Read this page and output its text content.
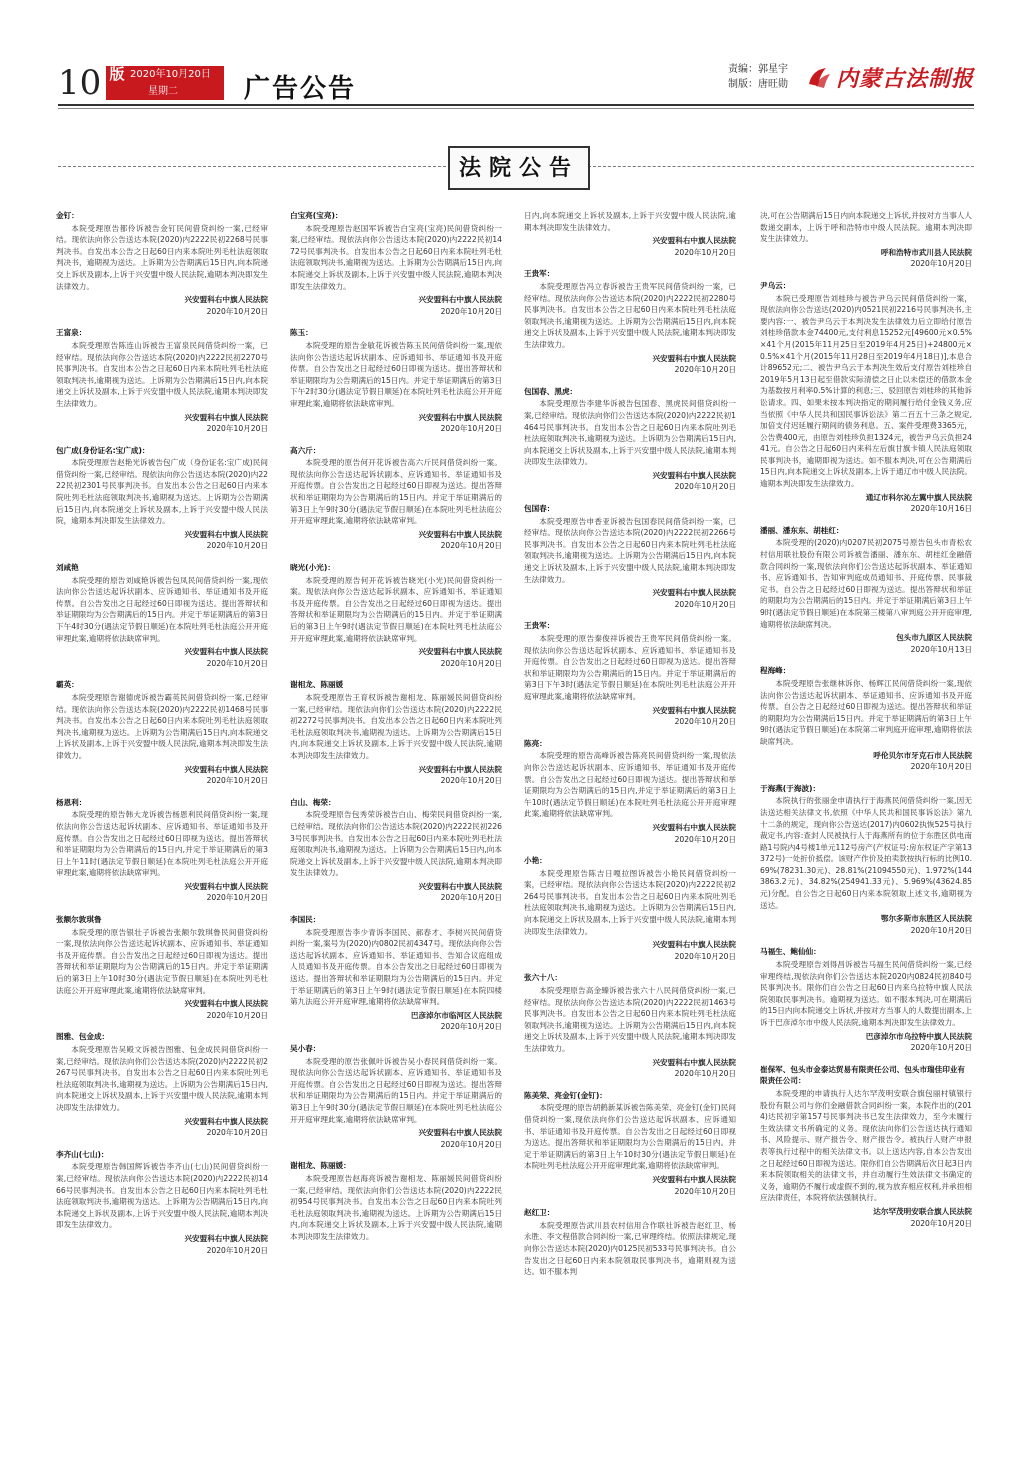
10 版 2020年10月20日
星期二	广告公告
责编：郭星宇
制版：唐旺勋 内蒙古法制报
法院公告
金钉：
本院受理原告都伶诉被告金钉民间借贷纠纷一案,已经审结。现依法向你公告送达本院(2020)内2222民初2268号民事判决书。自发出本公告之日起60日内来本院吐列毛杜法庭领取判决书，逾期视为送达。上诉期为公告期满后15日内,向本院递交上诉状及副本,上诉于兴安盟中级人民法院,逾期本判决即发生法律效力。
兴安盟科右中旗人民法院
2020年10月20日
王富泉：
本院受理原告陈连山诉被告王富泉民间借贷纠纷一案，已经审结。现依法向你公告送达本院(2020)内2222民初2270号民事判决书。自发出本公告之日起60日内来本院吐列毛杜法庭领取判决书,逾期视为送达。上诉期为公告期满后15日内,向本院递交上诉状及副本,上诉于兴安盟中级人民法院,逾期本判决即发生法律效力。
兴安盟科右中旗人民法院
2020年10月20日
包广成(身份证名:宝广成)：
本院受理原告赵艳光诉被告包广成（身份证名:宝广成)民间借贷纠纷一案,已经审结。现依法向你公告送达本院(2020)内2222民初2301号民事判决书。自发出本公告之日起60日内来本院吐列毛杜法庭领取判决书,逾期视为送达。上诉期为公告期满后15日内,向本院递交上诉状及副本,上诉于兴安盟中级人民法院，逾期本判决即发生法律效力。
兴安盟科右中旗人民法院
2020年10月20日
刘咸艳
本院受理的原告刘咸艳诉被告包凤民间借贷纠纷一案,现依法向你公告送达起诉状副本、应诉通知书、举证通知书及开庭传票。自公告发出之日起经过60日即视为送达。提出答辩状和举证期限均为公告期满后的15日内。并定于举证期满后的第3日下午4时30分(遇法定节假日顺延)在本院吐列毛杜法庭公开开庭审理此案,逾期将依法缺席审判。
兴安盟科右中旗人民法院
2020年10月20日
霸英：
本院受理原告谢德虎诉被告霸英民间借贷纠纷一案,已经审结。现依法向你公告送达本院(2020)内2222民初1468号民事判决书。自发出本公告之日起60日内来本院吐列毛杜法庭领取判决书,逾期视为送达。上诉期为公告期满后15日内,向本院递交上诉状及副本,上诉于兴安盟中级人民法院,逾期本判决即发生法律效力。
兴安盟科右中旗人民法院
2020年10月20日
杨恩利：
本院受理的原告韩大龙诉被告杨恩利民间借贷纠纷一案,现依法向你公告送达起诉状副本、应诉通知书、举证通知书及开庭传票。自公告发出之日起经过60日即视为送达。提出答辩状和举证期限均为公告期满后的15日内,并定于举证期满后的第3日上午11时(遇法定节假日顺延)在本院吐列毛杜法庭公开开庭审理此案,逾期将依法缺席审判。
兴安盟科右中旗人民法院
2020年10月20日
张额尔敦琪鲁
本院受理的原告银壮子诉被告张额尔敦琪鲁民间借贷纠纷一案,现依法向你公告送达起诉状副本、应诉通知书、举证通知书及开庭传票。自公告发出之日起经过60日即视为送达。提出答辩状和举证期限均为公告期满后的15日内。并定于举证期满后的第3日上午10时30分(遇法定节假日顺延)在本院吐列毛杜法庭公开开庭审理此案,逾期将依法缺席审判。
兴安盟科右中旗人民法院
2020年10月20日
图雅、包金成：
本院受理原告吴殿文诉被告图雅、包金成民间借贷纠纷一案,已经审结。现依法向你们公告送达本院(2020)内2222民初2267号民事判决书。自发出本公告之日起60日内来本院吐列毛杜法庭领取判决书,逾期视为送达。上诉期为公告期满后15日内,向本院递交上诉状及副本,上诉于兴安盟中级人民法院,逾期本判决即发生法律效力。
兴安盟科右中旗人民法院
2020年10月20日
李齐山(七山)：
本院受理原告韩国辉诉被告李齐山(七山)民间借贷纠纷一案,已经审结。现依法向你公告送达本院(2020)内2222民初1466号民事判决书。自发出本公告之日起60日内来本院吐列毛杜法庭领取判决书,逾期视为送达。上诉期为公告期满后15日内,向本院递交上诉状及副本,上诉于兴安盟中级人民法院,逾期本判决即发生法律效力。
兴安盟科右中旗人民法院
2020年10月20日
白宝亮(宝亮)：
本院受理原告赵国军诉被告白宝亮(宝亮)民间借贷纠纷一案,已经审结。现依法向你公告送达本院(2020)内2222民初1472号民事判决书。自发出本公告之日起60日内来本院吐列毛杜法庭领取判决书,逾期视为送达。上诉期为公告期满后15日内,向本院递交上诉状及副本,上诉于兴安盟中级人民法院,逾期本判决即发生法律效力。
兴安盟科右中旗人民法院
2020年10月20日
陈玉：
本院受理的原告金敏花诉被告陈玉民间借贷纠纷一案,现依法向你公告送达起诉状副本、应诉通知书、举证通知书及开庭传票。自公告发出之日起经过60日即视为送达。提出答辩状和举证期限均为公告期满后的15日内。并定于举证期满后的第3日下午2时30分(遇法定节假日顺延)在本院吐列毛杜法庭公开开庭审理此案,逾期将依法缺席审判。
兴安盟科右中旗人民法院
2020年10月20日
高六斤：
本院受理的原告何开花诉被告高六斤民间借贷纠纷一案。现依法向你公告送达起诉状副本、应诉通知书、举证通知书及开庭传票。自公告发出之日起经过60日即视为送达。提出答辩状和举证期限均为公告期满后的15日内。并定于举证期满后的第3日上午9时30分(遇法定节假日顺延)在本院吐列毛杜法庭公开开庭审理此案,逾期将依法缺席审判。
兴安盟科右中旗人民法院
2020年10月20日
晓光(小光)：
本院受理的原告何开花诉被告晓光(小光)民间借贷纠纷一案。现依法向你公告送达起诉状副本、应诉通知书、举证通知书及开庭传票。自公告发出之日起经过60日即视为送达。提出答辩状和举证期限均为公告期满后的15日内。并定于举证期满后的第3日上午9时(遇法定节假日顺延)在本院吐列毛杜法庭公开开庭审理此案,逾期将依法缺席审判。
兴安盟科右中旗人民法院
2020年10月20日
谢相龙、陈丽媛
本院受理原告王育权诉被告谢相龙、陈丽媛民间借贷纠纷一案,已经审结。现依法向你们公告送达本院(2020)内2222民初2272号民事判决书。自发出本公告之日起60日内来本院吐列毛杜法庭领取判决书,逾期视为送达。上诉期为公告期满后15日内,向本院递交上诉状及副本,上诉于兴安盟中级人民法院,逾期本判决即发生法律效力。
兴安盟科右中旗人民法院
2020年10月20日
白山、梅荣：
本院受理原告包秀荣诉被告白山、梅荣民间借贷纠纷一案,已经审结。现依法向你们公告送达本院(2020)内2222民初2263号民事判决书。自发出本公告之日起60日内来本院吐列毛杜法庭领取判决书,逾期视为送达。上诉期为公告期满后15日内,向本院递交上诉状及副本,上诉于兴安盟中级人民法院,逾期本判决即发生法律效力。
兴安盟科右中旗人民法院
2020年10月20日
李国民：
本院受理原告李少青诉李国民、郝春才、李树兴民间借贷纠纷一案,案号为(2020)内0802民初4347号。现依法向你公告送达起诉状副本、应诉通知书、举证通知书、告知合议庭组成人员通知书及开庭传票。自本公告发出之日起经过60日即视为送达。提出答辩状和举证期限均为公告期满后的15日内。并定于举证期满后的第3日上午9时(遇法定节假日顺延)在本院四楼第九法庭公开开庭审理,逾期将依法缺席审判。
巴彦淖尔市临河区人民法院
2020年10月20日
吴小春：
本院受理的原告张佩叶诉被告吴小春民间借贷纠纷一案。现依法向你公告送达起诉状副本、应诉通知书、举证通知书及开庭传票。自公告发出之日起经过60日即视为送达。提出答辩状和举证期限均为公告期满后的15日内。并定于举证期满后的第3日上午9时30分(遇法定节假日顺延)在本院吐列毛杜法庭公开开庭审理此案,逾期将依法缺席审判。
兴安盟科右中旗人民法院
2020年10月20日
谢相龙、陈丽媛：
本院受理原告赵海亮诉被告谢相龙、陈丽媛民间借贷纠纷一案,已经审结。现依法向你们公告送达本院(2020)内2222民初954号民事判决书。自发出本公告之日起60日内来本院吐列毛杜法庭领取判决书,逾期视为送达。上诉期为公告期满后15日内,向本院递交上诉状及副本,上诉于兴安盟中级人民法院,逾期本判决即发生法律效力。
日内,向本院递交上诉状及副本,上诉于兴安盟中级人民法院,逾期本判决即发生法律效力。
兴安盟科右中旗人民法院
2020年10月20日
王贵军：
本院受理原告冯立春诉被告王贵军民间借贷纠纷一案，已经审结。现依法向你公告送达本院(2020)内2222民初2280号民事判决书。自发出本公告之日起60日内来本院吐列毛杜法庭领取判决书,逾期视为送达。上诉期为公告期满后15日内,向本院递交上诉状及副本,上诉于兴安盟中级人民法院,逾期本判决即发生法律效力。
兴安盟科右中旗人民法院
2020年10月20日
包国春、黑虎：
本院受理原告李建华诉被告包国春、黑虎民间借贷纠纷一案,已经审结。现依法向你们公告送达本院(2020)内2222民初1464号民事判决书。自发出本公告之日起60日内来本院吐列毛杜法庭领取判决书,逾期视为送达。上诉期为公告期满后15日内,向本院递交上诉状及副本,上诉于兴安盟中级人民法院,逾期本判决即发生法律效力。
兴安盟科右中旗人民法院
2020年10月20日
包国春：
本院受理原告申香亚诉被告包国春民间借贷纠纷一案，已经审结。现依法向你公告送达本院(2020)内2222民初2266号民事判决书。自发出本公告之日起60日内来本院吐列毛杜法庭领取判决书,逾期视为送达。上诉期为公告期满后15日内,向本院递交上诉状及副本,上诉于兴安盟中级人民法院,逾期本判决即发生法律效力。
兴安盟科右中旗人民法院
2020年10月20日
王贵军：
本院受理的原告秦俊祥诉被告王贵军民间借贷纠纷一案。现依法向你公告送达起诉状副本、应诉通知书、举证通知书及开庭传票。自公告发出之日起经过60日即视为送达。提出答辩状和举证期限均为公告期满后的15日内。并定于举证期满后的第3日下午3时(遇法定节假日顺延)在本院吐列毛杜法庭公开开庭审理此案,逾期将依法缺席审判。
兴安盟科右中旗人民法院
2020年10月20日
陈亮：
本院受理的原告高峰诉被告陈亮民间借贷纠纷一案,现依法向你公告送达起诉状副本、应诉通知书、举证通知书及开庭传票。自公告发出之日起经过60日即视为送达。提出答辩状和举证期限均为公告期满后的15日内,并定于举证期满后的第3日上午10时(遇法定节假日顺延)在本院吐列毛杜法庭公开开庭审理此案,逾期将依法缺席审判。
兴安盟科右中旗人民法院
2020年10月20日
小艳：
本院受理原告陈吉日嘎拉图诉被告小艳民间借贷纠纷一案，已经审结。现依法向你公告送达本院(2020)内2222民初2264号民事判决书。自发出本公告之日起60日内来本院吐列毛杜法庭领取判决书,逾期视为送达。上诉期为公告期满后15日内,向本院递交上诉状及副本,上诉于兴安盟中级人民法院,逾期本判决即发生法律效力。
兴安盟科右中旗人民法院
2020年10月20日
张六十八：
本院受理原告高金臻诉被告张六十八民间借贷纠纷一案,已经审结。现依法向你公告送达本院(2020)内2222民初1463号民事判决书。自发出本公告之日起60日内来本院吐列毛杜法庭领取判决书,逾期视为送达。上诉期为公告期满后15日内,向本院递交上诉状及副本,上诉于兴安盟中级人民法院,逾期本判决即发生法律效力。
兴安盟科右中旗人民法院
2020年10月20日
陈美荣、亮金钉(金钉)：
本院受理的原告胡鹤新某诉被告陈美荣、亮金钉(金钉)民间借贷纠纷一案,现依法向你们公告送达起诉状副本、应诉通知书、举证通知书及开庭传票。自公告发出之日起经过60日即视为送达。提出答辩状和举证期限均为公告期满后的15日内。并定于举证期满后的第3日上午10时30分(遇法定节假日顺延)在本院吐列毛杜法庭公开开庭审理此案,逾期将依法缺席审判。
兴安盟科右中旗人民法院
2020年10月20日
赵红卫：
本院受理原告武川县农村信用合作联社诉被告赵红卫、杨永胜、李文程借款合同纠纷一案,已审理终结。依照法律规定,现向你公告送达本院(2020)内0125民初533号民事判决书。自公告发出之日起60日内来本院领取民事判决书，逾期则视为送达。如不服本判
决,可在公告期满后15日内向本院递交上诉状,并按对方当事人人数递交副本，上诉于呼和浩特市中级人民法院。逾期本判决即发生法律效力。
呼和浩特市武川县人民法院
2020年10月20日
尹乌云：
本院已受理原告刘桂珍与被告尹乌云民间借贷纠纷一案，现依法向你公告送达(2020)内0521民初2216号民事判决书,主要内容:一、被告尹乌云于本判决发生法律效力后立即给付原告刘桂珍借款本金74400元,支付利息15252元[49600元×0.5%×41个月(2015年11月25日至2019年4月25日)+24800元×0.5%×41个月(2015年11月28日至2019年4月18日)],本息合计89652元;二、被告尹乌云于本判决生效后支付原告刘桂珍自2019年5月13日起至借款实际清偿之日止以未偿还的借款本金为基数按月利率0.5%计算的利息;三、驳回原告刘桂珍的其他诉讼请求。四、如果未按本判决指定的期间履行给付金钱义务,应当依照《中华人民共和国民事诉讼法》第二百五十三条之规定,加倍支付迟延履行期间的债务利息。五、案件受理费3365元，公告费400元，由原告刘桂珍负担1324元，被告尹乌云负担2441元。自公告之日起60日内来科左后旗甘旗卡镇人民法庭领取民事判决书，逾期即视为送达。如不服本判决,可在公告期满后15日内,向本院递交上诉状及副本,上诉于通辽市中级人民法院。逾期本判决即发生法律效力。
通辽市科尔沁左翼中旗人民法院
2020年10月16日
潘丽、潘东东、胡桂红：
本院受理的(2020)内0207民初2075号原告包头市青松农村信用联社股份有限公司诉被告潘丽、潘东东、胡桂红金融借款合同纠纷一案,现依法向你们公告送达起诉状副本、举证通知书、应诉通知书、告知审判庭成员通知书、开庭传票、民事裁定书。自公告之日起经过60日即视为送达。提出答辩状和举证的期限均为公告期满后的15日内。并定于举证期满后第3日上午9时(遇法定节假日顺延)在本院第三楼第八审判庭公开开庭审理,逾期将依法缺席判决。
包头市九原区人民法院
2020年10月13日
程海峰：
本院受理原告张继林诉你、杨辉江民间借贷纠纷一案,现依法向你公告送达起诉状副本、举证通知书、应诉通知书及开庭传票。自公告之日起经过60日即视为送达。提出答辩状和举证的期限均为公告期满后15日内。并定于举证期满后的第3日上午9时(遇法定节假日顺延)在本院第二审判庭开庭审理,逾期将依法缺席判决。
呼伦贝尔市牙克石市人民法院
2020年10月20日
于海燕(于海波)：
本院执行的张丽金申请执行于海燕民间借贷纠纷一案,因无法送达相关法律文书,依照《中华人民共和国民事诉讼法》第九十二条的规定，现向你公告送达(2017)内0602执恢525号执行裁定书,内容:查封人民被执行人于海燕所有的位于东胜区供电南路1号院内4号楼1单元112号房产(产权证号:房东权证产字第13372号)一处折价抵偿。该财产作价及拍卖款按执行标的比例10.69%(78231.30元)、28.81%(21094550元)、1.972%(1443863.2元)、34.82%(254941.33元)、5.969%(43624.85元)分配。自公告之日起60日内来本院领取上述文书,逾期视为送达。
鄂尔多斯市东胜区人民法院
2020年10月20日
马福生、鲍仙仙：
本院受理原告刘得昌诉被告马福生民间借贷纠纷一案,已经审理终结,现依法向你们公告送达本院2020内0824民初840号民事判决书。限你们自公告之日起60日内来乌拉特中旗人民法院领取民事判决书。逾期视为送达。如不服本判决,可在期满后的15日内向本院递交上诉状,并按对方当事人的人数提出副本,上诉于巴彦淖尔市中级人民法院,逾期本判决即发生法律效力。
巴彦淖尔市乌拉特中旗人民法院
2020年10月20日
崔保军、包头市金泰达贸易有限责任公司、包头市瑞佳印业有限责任公司：
本院受理的申请执行人达尔罕茂明安联合旗包丽村镇银行股份有限公司与你们金融借款合同纠纷一案，本院作出的(2014)达民初字第157号民事判决书已发生法律效力，至今未履行生效法律文书所确定的义务。现依法向你们公告送达执行通知书、风险提示、财产报告令、财产报告令。被执行人财产申报表等执行过程中的相关法律文书。以上送达内容,自本公告发出之日起经过60日即视为送达。限你们自公告期满后次日起3日内来本院领取相关的法律文书，并自动履行生效法律文书确定的义务，逾期仍不履行或虚假不到的,视为放弃相应权利,并承担相应法律责任，本院将依法强制执行。
达尔罕茂明安联合旗人民法院
2020年10月20日
